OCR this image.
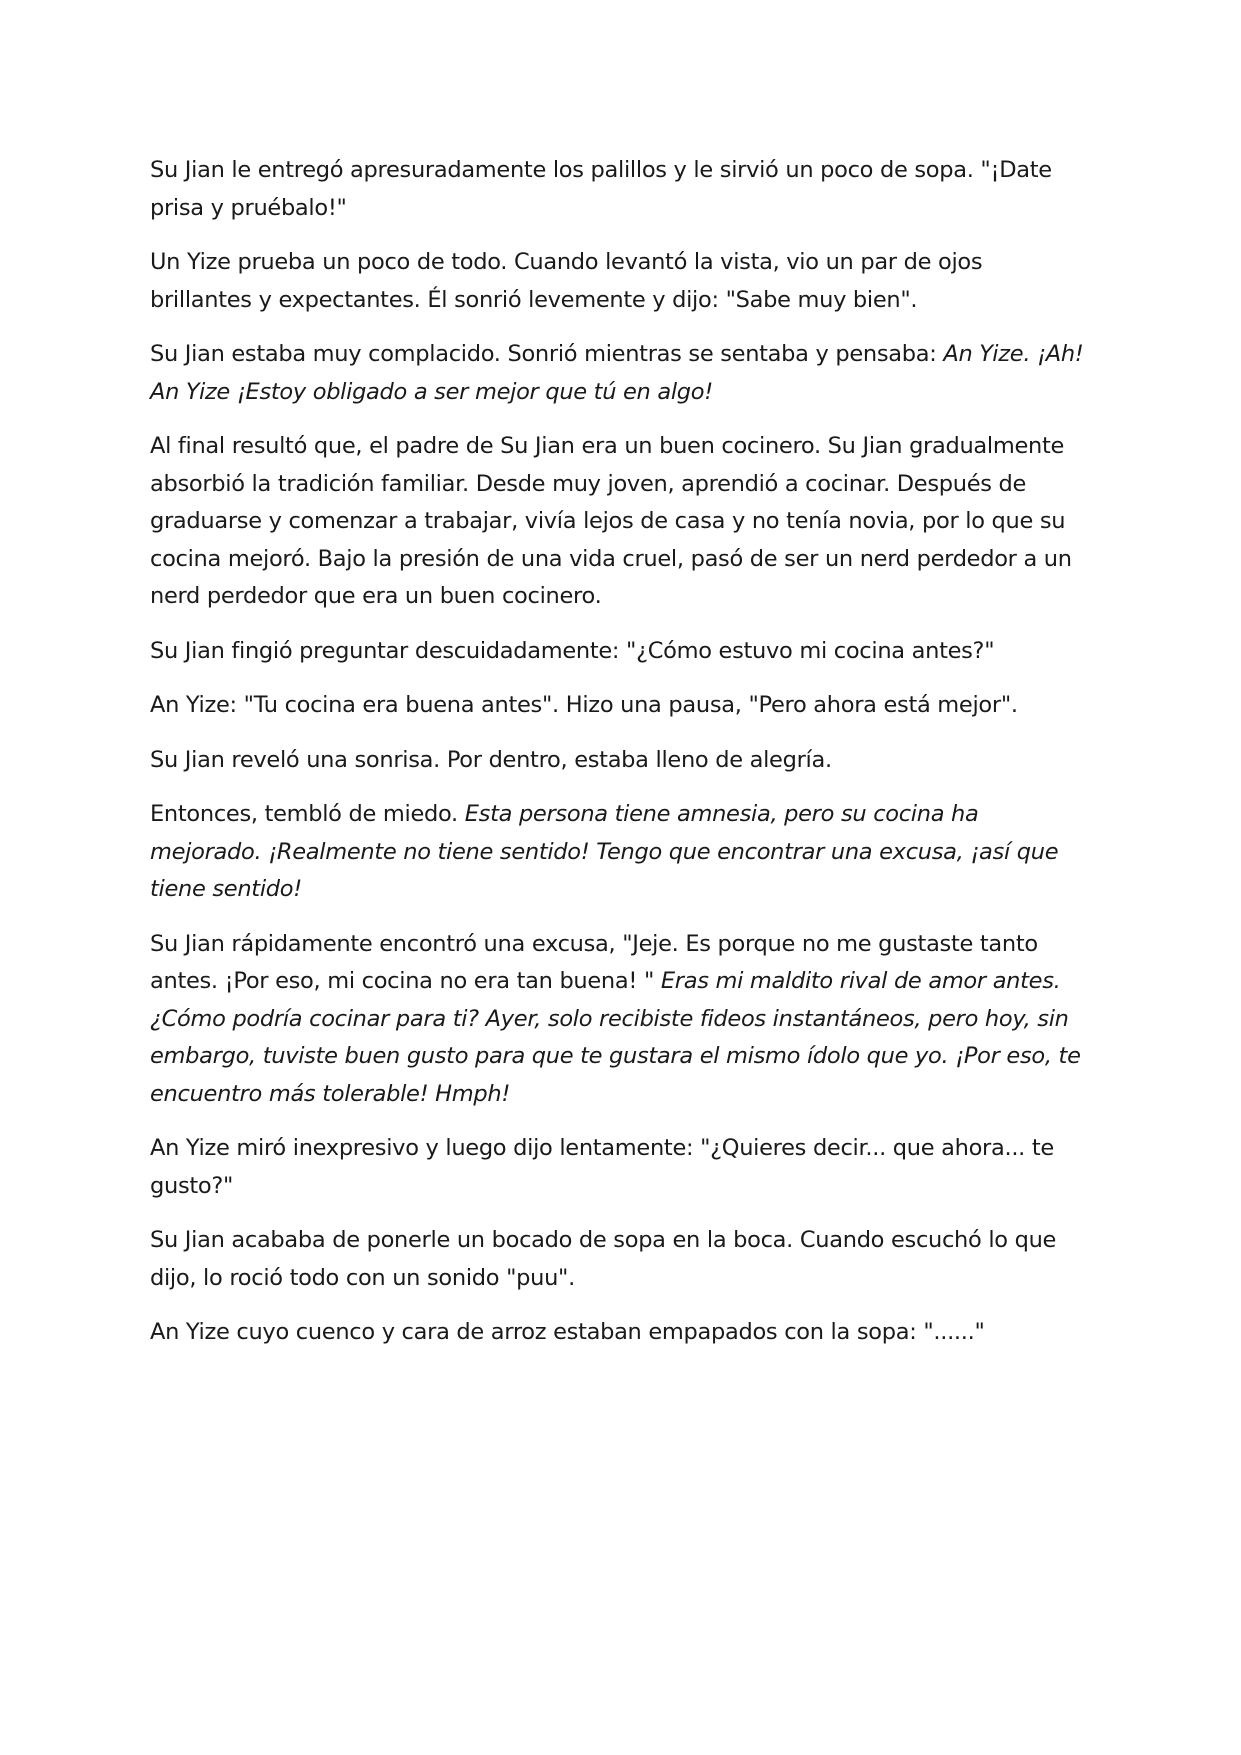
Su Jian le entregó apresuradamente los palillos y le sirvió un poco de sopa. "¡Date prisa y pruébalo!"

Un Yize prueba un poco de todo. Cuando levantó la vista, vio un par de ojos brillantes y expectantes. Él sonrió levemente y dijo: "Sabe muy bien".

Su Jian estaba muy complacido. Sonrió mientras se sentaba y pensaba: An Yize. ¡Ah! An Yize ¡Estoy obligado a ser mejor que tú en algo!

Al final resultó que, el padre de Su Jian era un buen cocinero. Su Jian gradualmente absorbió la tradición familiar. Desde muy joven, aprendió a cocinar. Después de graduarse y comenzar a trabajar, vivía lejos de casa y no tenía novia, por lo que su cocina mejoró. Bajo la presión de una vida cruel, pasó de ser un nerd perdedor a un nerd perdedor que era un buen cocinero.

Su Jian fingió preguntar descuidadamente: "¿Cómo estuvo mi cocina antes?"

An Yize: "Tu cocina era buena antes". Hizo una pausa, "Pero ahora está mejor".

Su Jian reveló una sonrisa. Por dentro, estaba lleno de alegría.

Entonces, tembló de miedo. Esta persona tiene amnesia, pero su cocina ha mejorado. ¡Realmente no tiene sentido! Tengo que encontrar una excusa, ¡así que tiene sentido!

Su Jian rápidamente encontró una excusa, "Jeje. Es porque no me gustaste tanto antes. ¡Por eso, mi cocina no era tan buena! " Eras mi maldito rival de amor antes. ¿Cómo podría cocinar para ti? Ayer, solo recibiste fideos instantáneos, pero hoy, sin embargo, tuviste buen gusto para que te gustara el mismo ídolo que yo. ¡Por eso, te encuentro más tolerable! Hmph!

An Yize miró inexpresivo y luego dijo lentamente: "¿Quieres decir... que ahora... te gusto?"

Su Jian acababa de ponerle un bocado de sopa en la boca. Cuando escuchó lo que dijo, lo roció todo con un sonido "puu".

An Yize cuyo cuenco y cara de arroz estaban empapados con la sopa: "......"
